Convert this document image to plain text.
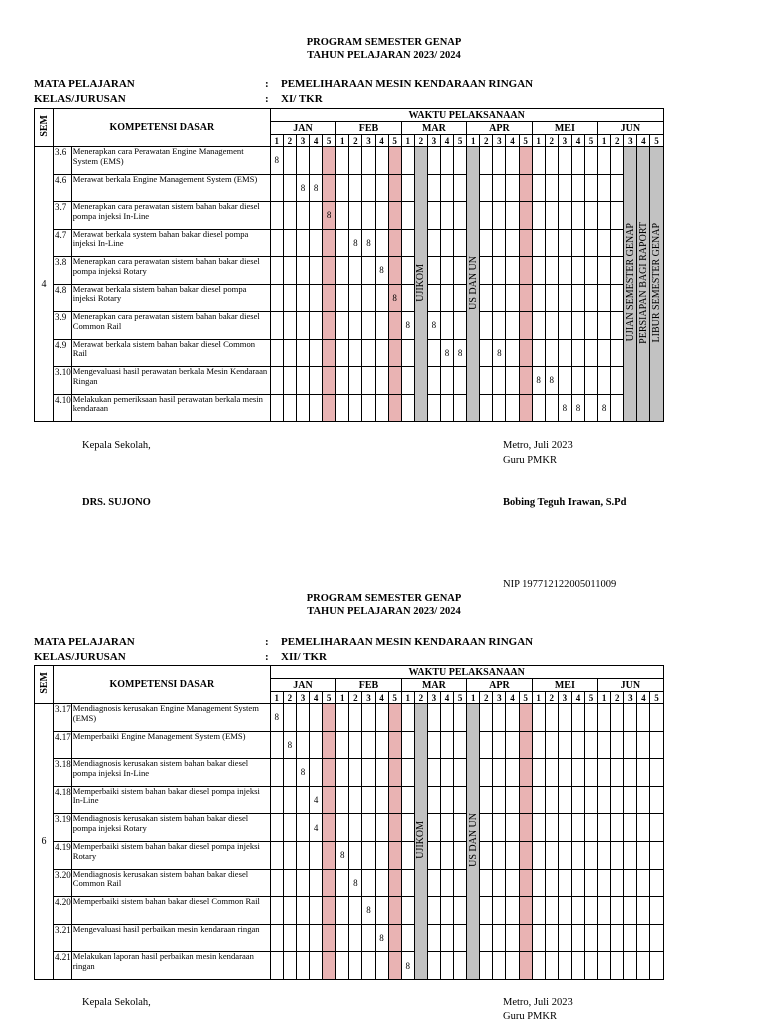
PROGRAM SEMESTER GENAP
TAHUN PELAJARAN 2023/ 2024
MATA PELAJARAN	: PEMELIHARAAN MESIN KENDARAAN RINGAN
KELAS/JURUSAN	: XI/ TKR
SEM	KOMPETENSI DASAR		WAKTU PELAKSANAAN																													
			JAN					FEB					MAR					APR					MEI					JUN				
			1	2	3	4	5	1	2	3	4	5	1	2	3	4	5	1	2	3	4	5	1	2	3	4	5	1	2	3	4	5
4	3.6	Menerapkan cara Perawatan Engine Management System (EMS)	8											UJIKOM				US DAN UN												UJIAN SEMESTER GENAP	PERSIAPAN BAGI RAPORT	LIBUR SEMESTER GENAP
	4.6	Merawat berkala Engine Management System (EMS)			8	8																										
	3.7	Menerapkan cara perawatan sistem bahan bakar diesel pompa injeksi In-Line					8																									
	4.7	Merawat berkala system bahan bakar diesel pompa injeksi In-Line							8	8																						
	3.8	Menerapkan cara perawatan sistem bahan bakar diesel pompa injeksi Rotary									8																					
	4.8	Merawat berkala sistem bahan bakar diesel pompa injeksi Rotary										8																				
	3.9	Menerapkan cara perawatan sistem bahan bakar diesel Common Rail											8		8																	
	4.9	Merawat berkala sistem bahan bakar diesel Common Rail														8	8			8												
	3.10	Mengevaluasi hasil perawatan berkala Mesin Kendaraan Ringan																					8	8								
	4.10	Melakukan pemeriksaan hasil perawatan berkala mesin kendaraan																							8	8		8				
Kepala Sekolah,
DRS. SUJONO
Metro, Juli 2023
Guru PMKR
Bobing Teguh Irawan, S.Pd
NIP 197712122005011009
PROGRAM SEMESTER GENAP
TAHUN PELAJARAN 2023/ 2024
MATA PELAJARAN	: PEMELIHARAAN MESIN KENDARAAN RINGAN
KELAS/JURUSAN	: XII/ TKR
SEM	KOMPETENSI DASAR		WAKTU PELAKSANAAN																													
			JAN					FEB					MAR					APR					MEI					JUN				
			1	2	3	4	5	1	2	3	4	5	1	2	3	4	5	1	2	3	4	5	1	2	3	4	5	1	2	3	4	5
6	3.17	Mendiagnosis kerusakan Engine Management System (EMS)	8											UJIKOM				US DAN UN														
	4.17	Memperbaiki Engine Management System (EMS)		8																												
	3.18	Mendiagnosis kerusakan sistem bahan bakar diesel pompa injeksi In-Line			8																											
	4.18	Memperbaiki sistem bahan bakar diesel pompa injeksi In-Line				4																										
	3.19	Mendiagnosis kerusakan sistem bahan bakar diesel pompa injeksi Rotary				4																										
	4.19	Memperbaiki sistem bahan bakar diesel pompa injeksi Rotary						8																								
	3.20	Mendiagnosis kerusakan sistem bahan bakar diesel Common Rail							8																							
	4.20	Memperbaiki sistem bahan bakar diesel Common Rail								8																						
	3.21	Mengevaluasi hasil perbaikan mesin kendaraan ringan									8																					
	4.21	Melakukan laporan hasil perbaikan mesin kendaraan ringan											8																			
Kepala Sekolah,	Metro, Juli 2023
Guru PMKR
